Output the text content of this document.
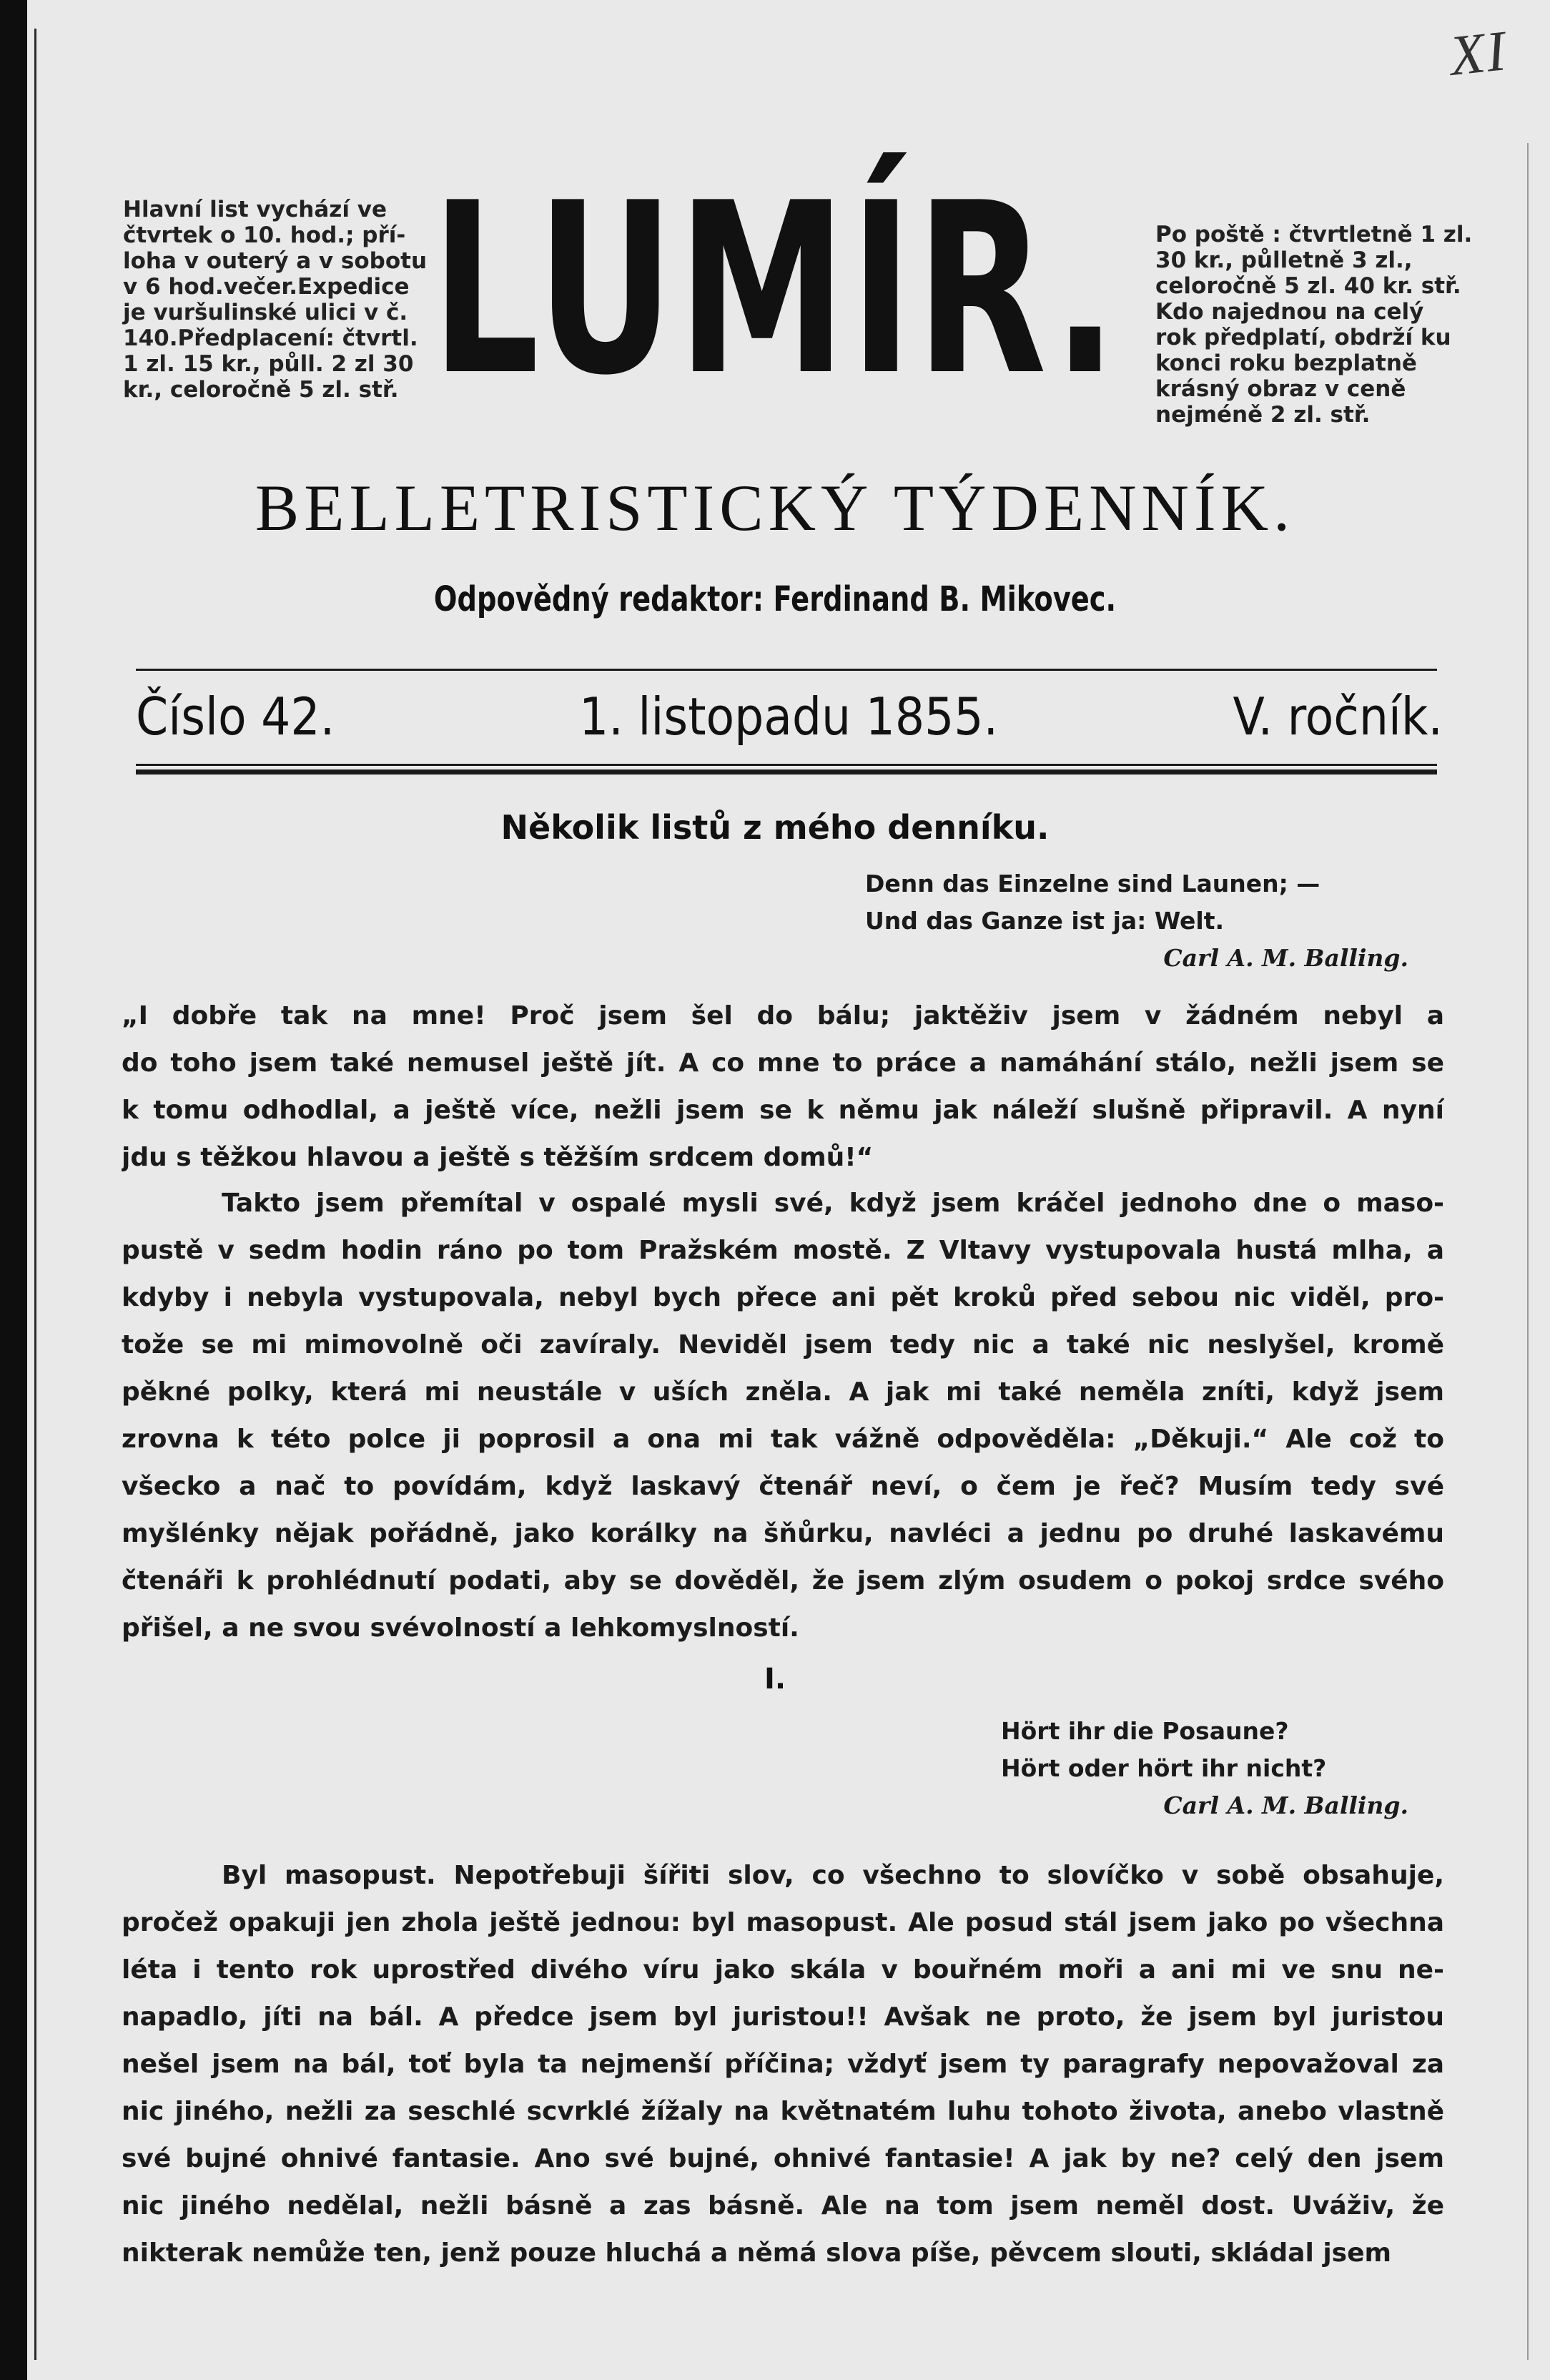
XI
Hlavní list vychází ve
čtvrtek o 10. hod.; pří-
loha v outerý a v sobotu
v 6 hod.večer.Expedice
je vuršulinské ulici v č.
140.Předplacení: čtvrtl.
1 zl. 15 kr., půll. 2 zl 30
kr., celoročně 5 zl. stř.
Po poště : čtvrtletně 1 zl.
30 kr., půlletně 3 zl.,
celoročně 5 zl. 40 kr. stř.
Kdo najednou na celý
rok předplatí, obdrží ku
konci roku bezplatně
krásný obraz v ceně
nejméně 2 zl. stř.
LUMÍR.
BELLETRISTICKÝ TÝDENNÍK.
Odpovědný redaktor: Ferdinand B. Mikovec.
Číslo 42.	1. listopadu 1855.	V. ročník.
Několik listů z mého denníku.
Denn das Einzelne sind Launen; —
Und das Ganze ist ja: Welt.
Carl A. M. Balling.
„I dobře tak na mne! Proč jsem šel do bálu; jaktěživ jsem v žádném nebyl a
do toho jsem také nemusel ještě jít. A co mne to práce a namáhání stálo, nežli jsem se
k tomu odhodlal, a ještě více, nežli jsem se k němu jak náleží slušně připravil. A nyní
jdu s těžkou hlavou a ještě s těžším srdcem domů!“
Takto jsem přemítal v ospalé mysli své, když jsem kráčel jednoho dne o maso-
pustě v sedm hodin ráno po tom Pražském mostě. Z Vltavy vystupovala hustá mlha, a
kdyby i nebyla vystupovala, nebyl bych přece ani pět kroků před sebou nic viděl, pro-
tože se mi mimovolně oči zavíraly. Neviděl jsem tedy nic a také nic neslyšel, kromě
pěkné polky, která mi neustále v uších zněla. A jak mi také neměla zníti, když jsem
zrovna k této polce ji poprosil a ona mi tak vážně odpověděla: „Děkuji.“ Ale což to
všecko a nač to povídám, když laskavý čtenář neví, o čem je řeč? Musím tedy své
myšlénky nějak pořádně, jako korálky na šňůrku, navléci a jednu po druhé laskavému
čtenáři k prohlédnutí podati, aby se dověděl, že jsem zlým osudem o pokoj srdce svého
přišel, a ne svou svévolností a lehkomyslností.
I.
Hört ihr die Posaune?
Hört oder hört ihr nicht?
Carl A. M. Balling.
Byl masopust. Nepotřebuji šířiti slov, co všechno to slovíčko v sobě obsahuje,
pročež opakuji jen zhola ještě jednou: byl masopust. Ale posud stál jsem jako po všechna
léta i tento rok uprostřed divého víru jako skála v bouřném moři a ani mi ve snu ne-
napadlo, jíti na bál. A předce jsem byl juristou!! Avšak ne proto, že jsem byl juristou
nešel jsem na bál, toť byla ta nejmenší příčina; vždyť jsem ty paragrafy nepovažoval za
nic jiného, nežli za seschlé scvrklé žížaly na květnatém luhu tohoto života, anebo vlastně
své bujné ohnivé fantasie. Ano své bujné, ohnivé fantasie! A jak by ne? celý den jsem
nic jiného nedělal, nežli básně a zas básně. Ale na tom jsem neměl dost. Uváživ, že
nikterak nemůže ten, jenž pouze hluchá a němá slova píše, pěvcem slouti, skládal jsem
